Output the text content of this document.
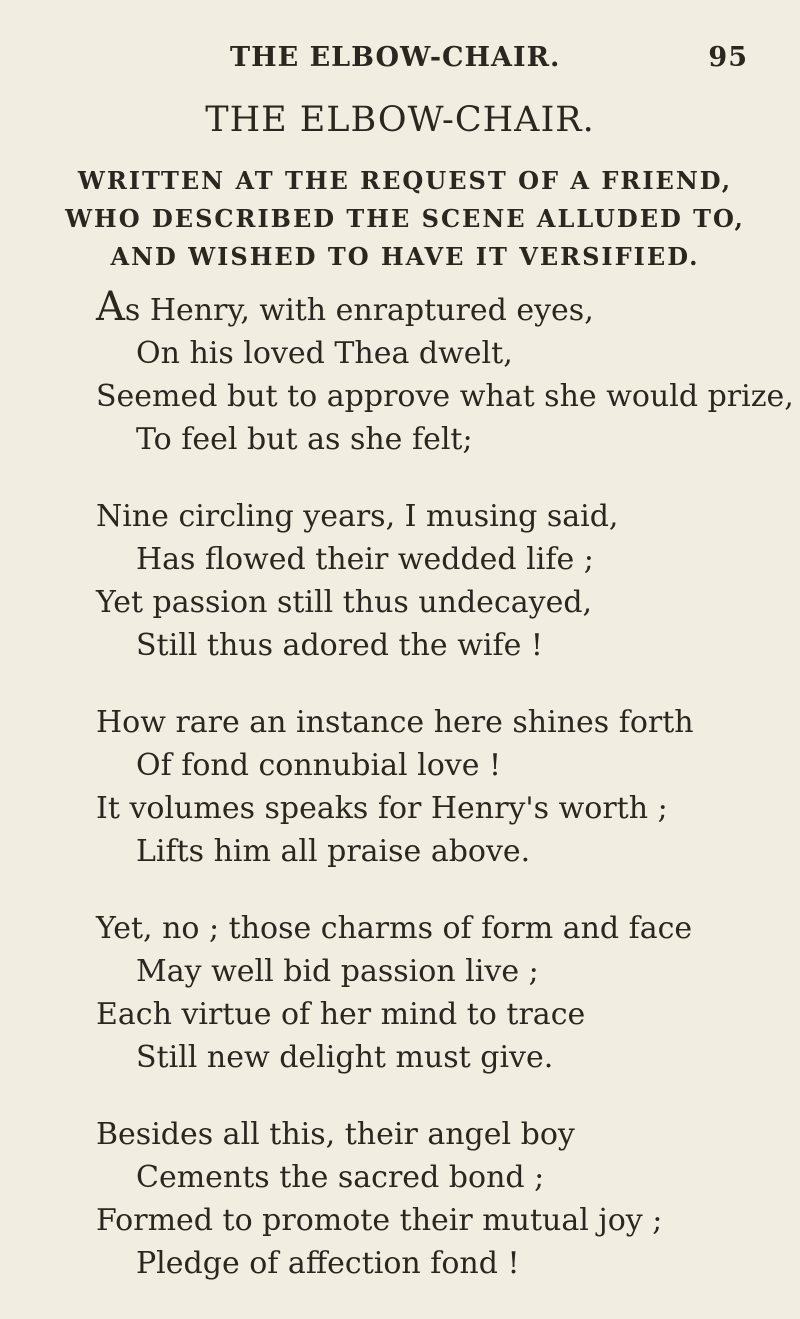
THE ELBOW-CHAIR.	95
THE ELBOW-CHAIR.
WRITTEN AT THE REQUEST OF A FRIEND, WHO DESCRIBED THE SCENE ALLUDED TO, AND WISHED TO HAVE IT VERSIFIED.
As Henry, with enraptured eyes,
On his loved Thea dwelt,
Seemed but to approve what she would prize,
To feel but as she felt;
Nine circling years, I musing said,
Has flowed their wedded life ;
Yet passion still thus undecayed,
Still thus adored the wife !
How rare an instance here shines forth
Of fond connubial love !
It volumes speaks for Henry's worth ;
Lifts him all praise above.
Yet, no ; those charms of form and face
May well bid passion live ;
Each virtue of her mind to trace
Still new delight must give.
Besides all this, their angel boy
Cements the sacred bond ;
Formed to promote their mutual joy ;
Pledge of affection fond !
